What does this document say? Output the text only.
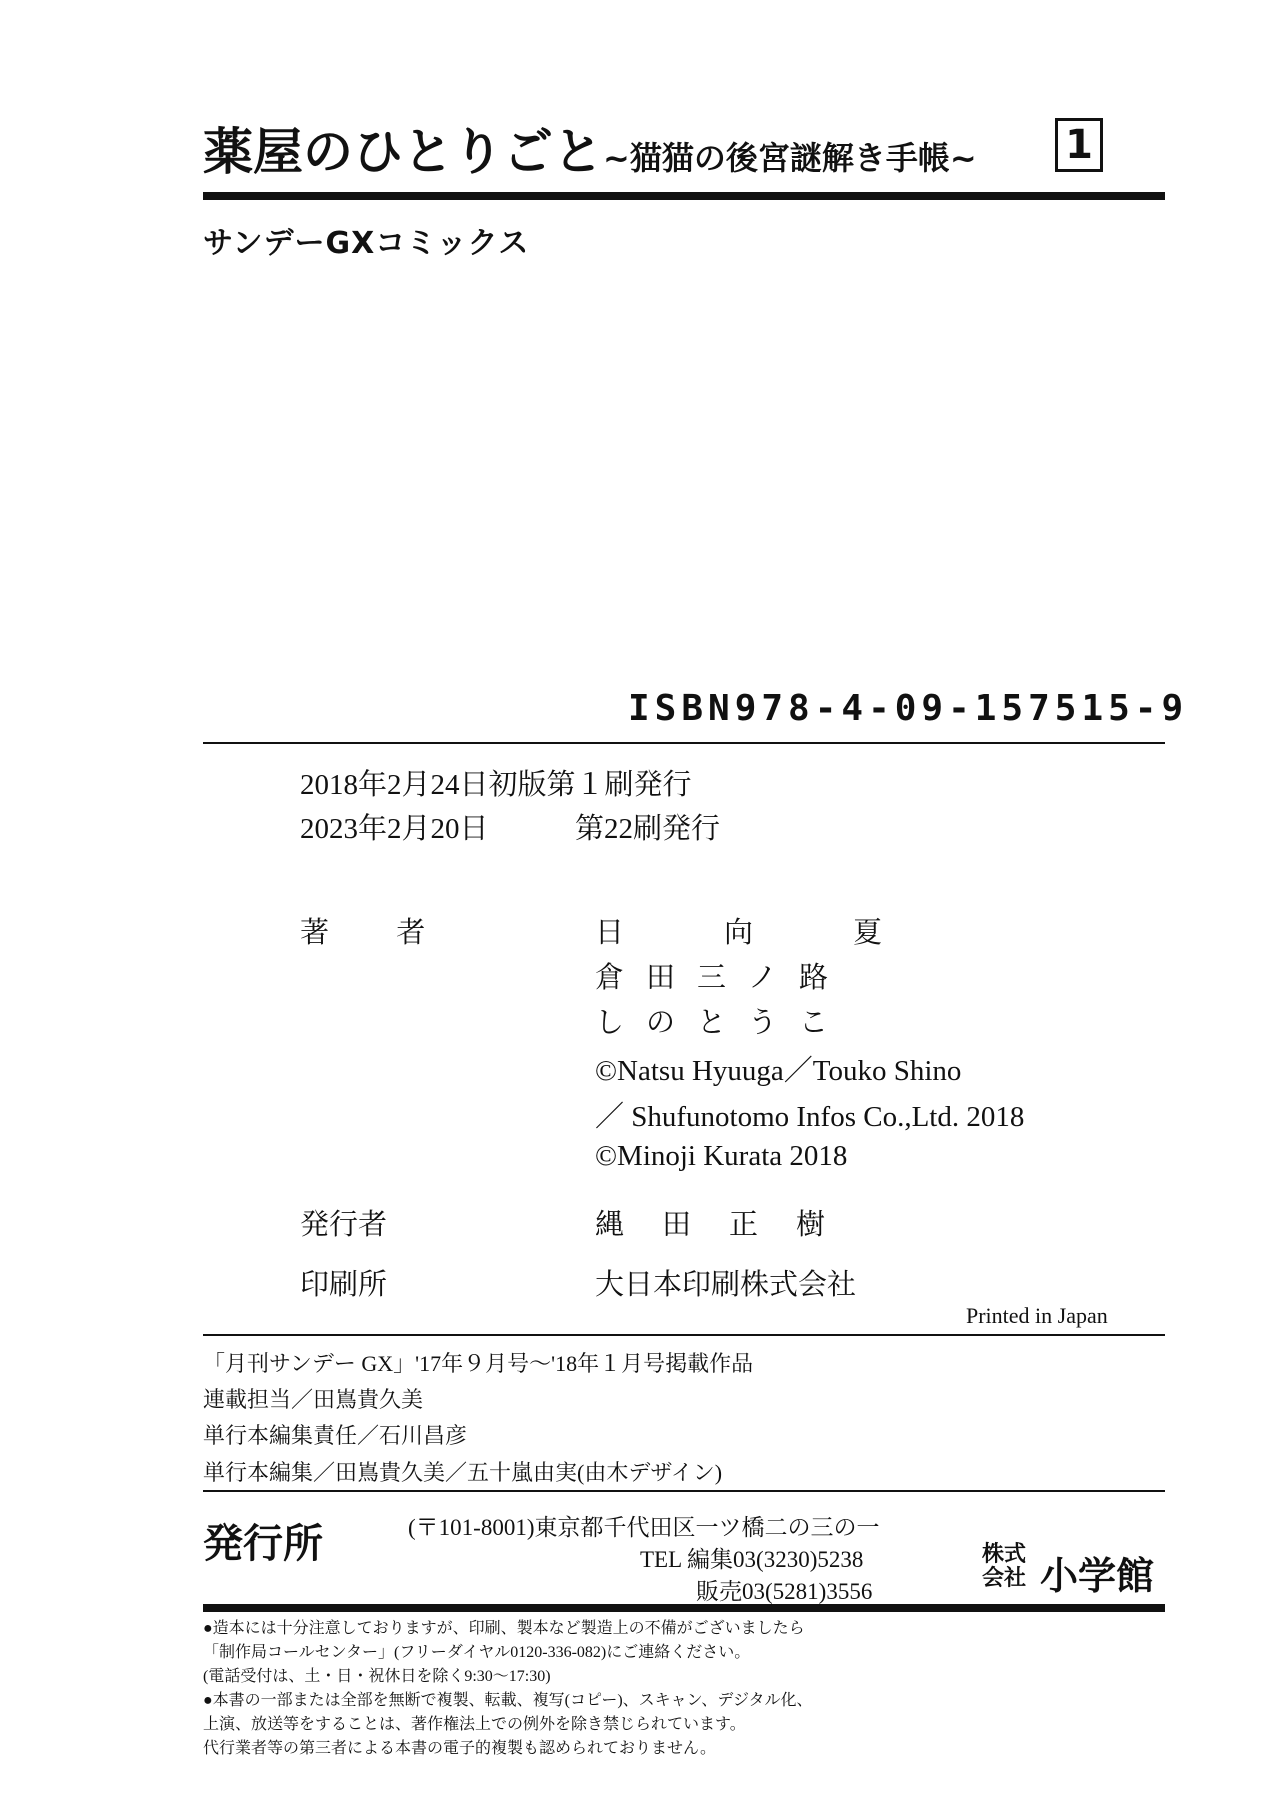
薬屋のひとりごと~猫猫の後宮謎解き手帳~ 1
サンデーGXコミックス
ISBN978-4-09-157515-9
2018年2月24日初版第１刷発行
2023年2月20日	第22刷発行
著 者	日向夏
倉田三ノ路
しのとうこ
©Natsu Hyuuga／Touko Shino
／ Shufunotomo Infos Co.,Ltd. 2018
©Minoji Kurata 2018
発行者	縄田正樹
印刷所	大日本印刷株式会社
Printed in Japan
「月刊サンデー GX」'17年９月号～'18年１月号掲載作品
連載担当／田嶌貴久美
単行本編集責任／石川昌彦
単行本編集／田嶌貴久美／五十嵐由実(由木デザイン)
発行所	(〒101-8001)東京都千代田区一ツ橋二の三の一
TEL 編集03(3230)5238
販売03(5281)3556
株式
会社 小学館
●造本には十分注意しておりますが、印刷、製本など製造上の不備がございましたら
「制作局コールセンター」(フリーダイヤル0120-336-082)にご連絡ください。
(電話受付は、土・日・祝休日を除く9:30～17:30)
●本書の一部または全部を無断で複製、転載、複写(コピー)、スキャン、デジタル化、
上演、放送等をすることは、著作権法上での例外を除き禁じられています。
代行業者等の第三者による本書の電子的複製も認められておりません。
